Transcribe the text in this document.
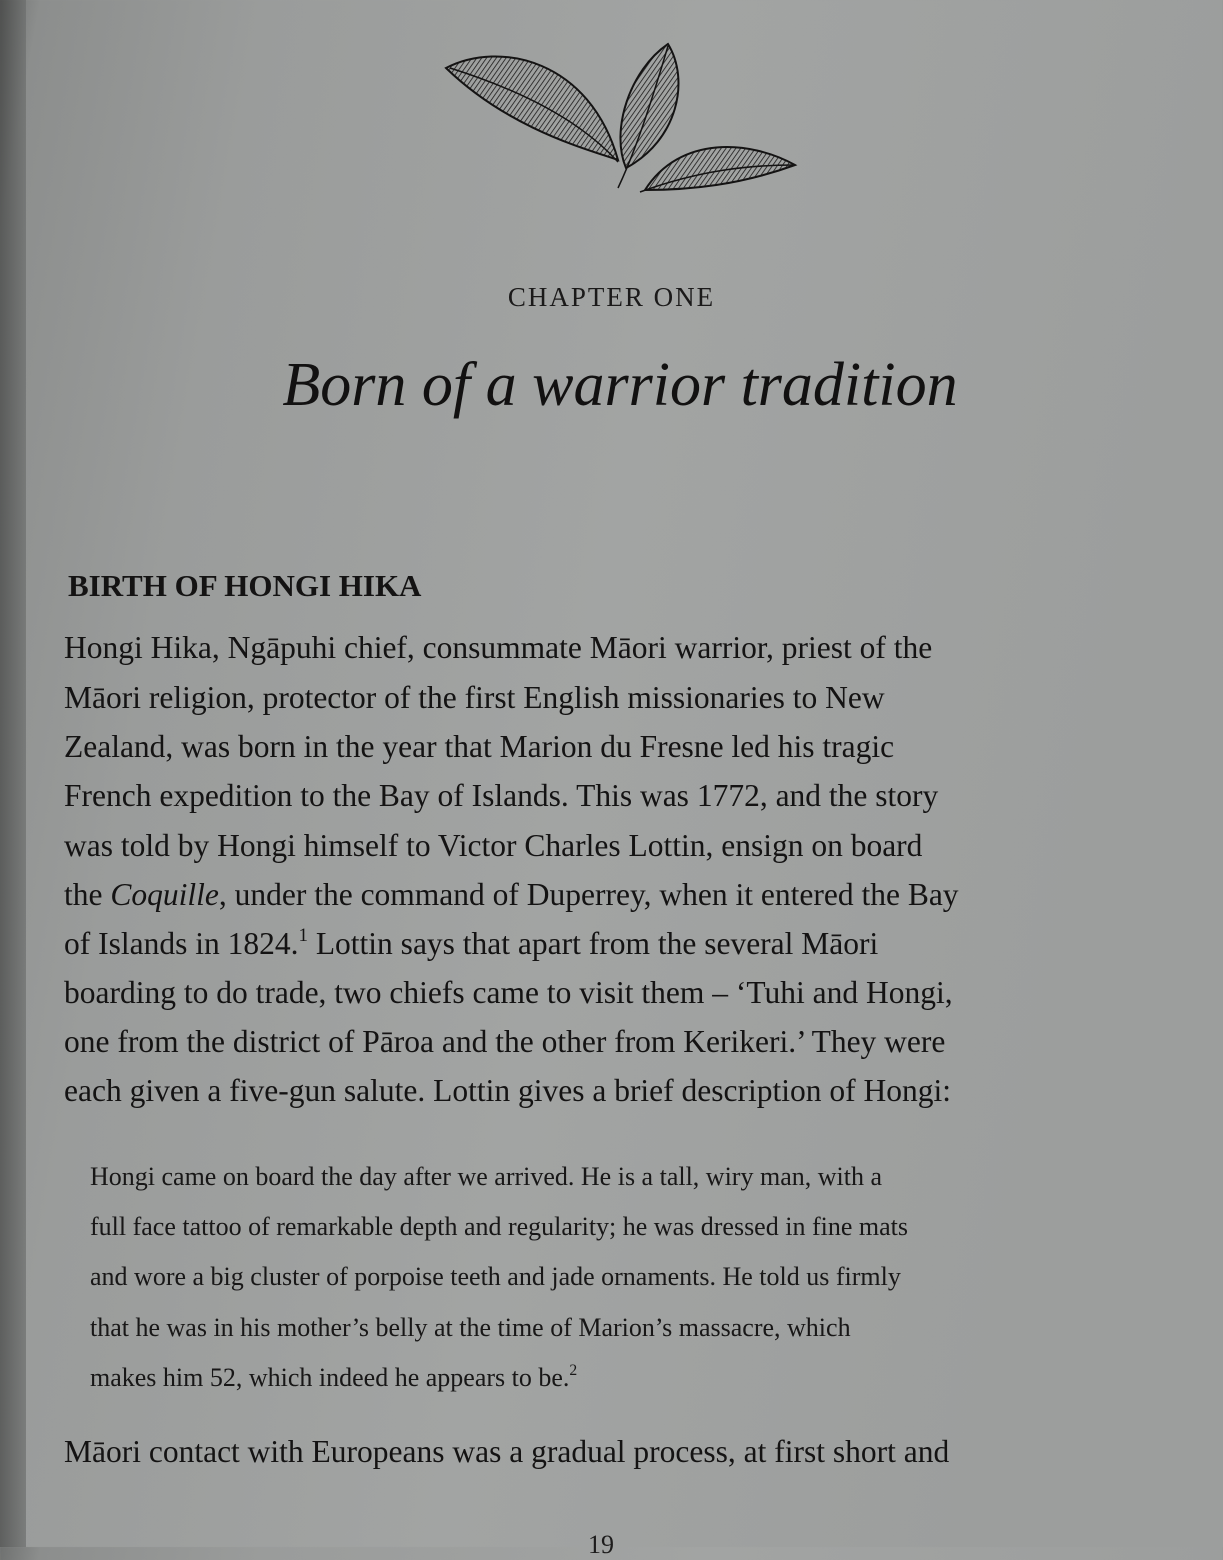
CHAPTER ONE
Born of a warrior tradition
BIRTH OF HONGI HIKA
Hongi Hika, Ngāpuhi chief, consummate Māori warrior, priest of the
Māori religion, protector of the first English missionaries to New
Zealand, was born in the year that Marion du Fresne led his tragic
French expedition to the Bay of Islands. This was 1772, and the story
was told by Hongi himself to Victor Charles Lottin, ensign on board
the Coquille, under the command of Duperrey, when it entered the Bay
of Islands in 1824.$^1$ Lottin says that apart from the several Māori
boarding to do trade, two chiefs came to visit them – ‘Tuhi and Hongi,
one from the district of Pāroa and the other from Kerikeri.’ They were
each given a five-gun salute. Lottin gives a brief description of Hongi:
Hongi came on board the day after we arrived. He is a tall, wiry man, with a
full face tattoo of remarkable depth and regularity; he was dressed in fine mats
and wore a big cluster of porpoise teeth and jade ornaments. He told us firmly
that he was in his mother’s belly at the time of Marion’s massacre, which
makes him 52, which indeed he appears to be.$^2$
Māori contact with Europeans was a gradual process, at first short and
19
